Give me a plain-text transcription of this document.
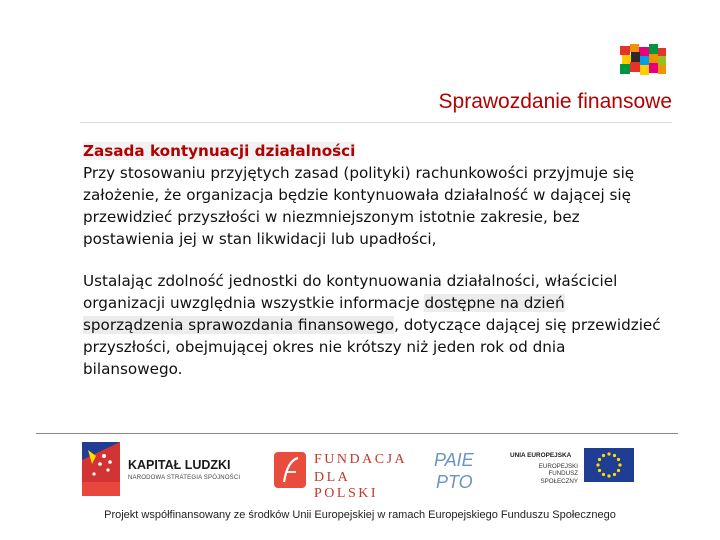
Sprawozdanie finansowe
Zasada kontynuacji działalności

Przy stosowaniu przyjętych zasad (polityki) rachunkowości przyjmuje się założenie, że organizacja będzie kontynuowała działalność w dającej się przewidzieć przyszłości w niezmniejszonym istotnie zakresie, bez postawienia jej w stan likwidacji lub upadłości,

Ustalając zdolność jednostki do kontynuowania działalności, właściciel organizacji uwzględnia wszystkie informacje dostępne na dzień sporządzenia sprawozdania finansowego, dotyczące dającej się przewidzieć przyszłości, obejmującej okres nie krótszy niż jeden rok od dnia bilansowego.

KAPITAŁ LUDZKI
NARODOWA STRATEGIA SPÓJNOŚCI
FUNDACJA
DLA POLSKI
PAIE
PTO
UNIA EUROPEJSKA
EUROPEJSKI
FUNDUSZ SPOŁECZNY
Projekt współfinansowany ze środków Unii Europejskiej w ramach Europejskiego Funduszu Społecznego
